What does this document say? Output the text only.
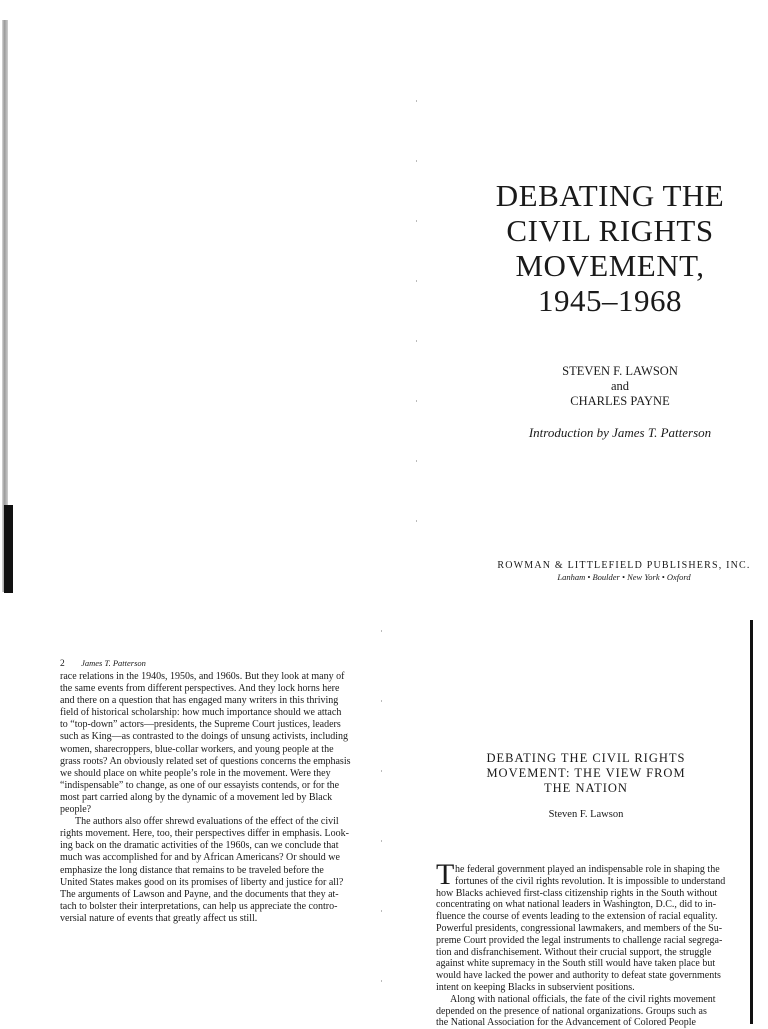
DEBATING THE
CIVIL RIGHTS
MOVEMENT,
1945–1968
STEVEN F. LAWSON
and
CHARLES PAYNE
Introduction by James T. Patterson
ROWMAN & LITTLEFIELD PUBLISHERS, INC.
Lanham • Boulder • New York • Oxford
2 James T. Patterson
race relations in the 1940s, 1950s, and 1960s. But they look at many of
the same events from different perspectives. And they lock horns here
and there on a question that has engaged many writers in this thriving
field of historical scholarship: how much importance should we attach
to “top-down” actors—presidents, the Supreme Court justices, leaders
such as King—as contrasted to the doings of unsung activists, including
women, sharecroppers, blue-collar workers, and young people at the
grass roots? An obviously related set of questions concerns the emphasis
we should place on white people’s role in the movement. Were they
“indispensable” to change, as one of our essayists contends, or for the
most part carried along by the dynamic of a movement led by Black
people?
The authors also offer shrewd evaluations of the effect of the civil
rights movement. Here, too, their perspectives differ in emphasis. Look-
ing back on the dramatic activities of the 1960s, can we conclude that
much was accomplished for and by African Americans? Or should we
emphasize the long distance that remains to be traveled before the
United States makes good on its promises of liberty and justice for all?
The arguments of Lawson and Payne, and the documents that they at-
tach to bolster their interpretations, can help us appreciate the contro-
versial nature of events that greatly affect us still.
DEBATING THE CIVIL RIGHTS
MOVEMENT: THE VIEW FROM
THE NATION
Steven F. Lawson
T he federal government played an indispensable role in shaping the
fortunes of the civil rights revolution. It is impossible to understand
how Blacks achieved first-class citizenship rights in the South without
concentrating on what national leaders in Washington, D.C., did to in-
fluence the course of events leading to the extension of racial equality.
Powerful presidents, congressional lawmakers, and members of the Su-
preme Court provided the legal instruments to challenge racial segrega-
tion and disfranchisement. Without their crucial support, the struggle
against white supremacy in the South still would have taken place but
would have lacked the power and authority to defeat state governments
intent on keeping Blacks in subservient positions.
Along with national officials, the fate of the civil rights movement
depended on the presence of national organizations. Groups such as
the National Association for the Advancement of Colored People
